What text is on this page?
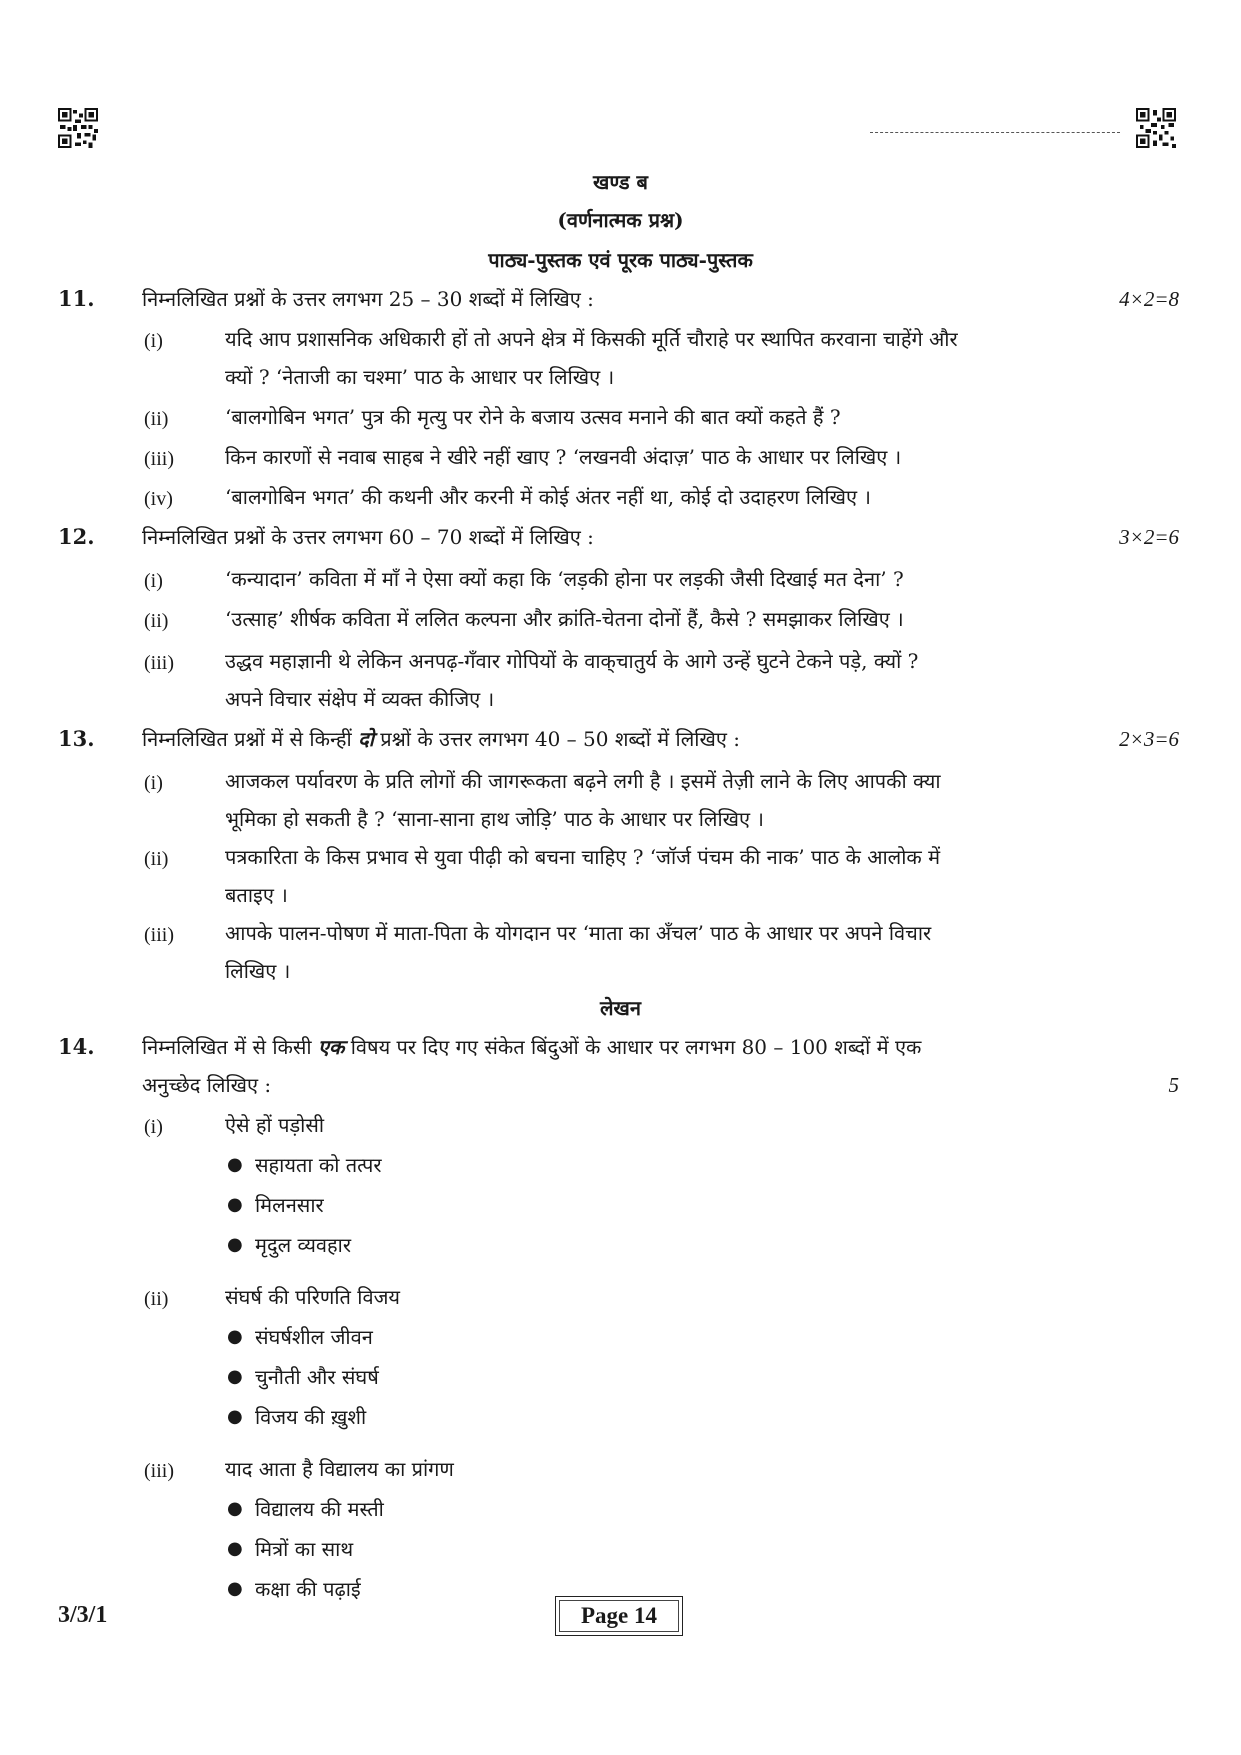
खण्ड ब
(वर्णनात्मक प्रश्न)
पाठ्य-पुस्तक एवं पूरक पाठ्य-पुस्तक
11. निम्नलिखित प्रश्नों के उत्तर लगभग 25 – 30 शब्दों में लिखिए :	4×2=8
(i)	यदि आप प्रशासनिक अधिकारी हों तो अपने क्षेत्र में किसकी मूर्ति चौराहे पर स्थापित करवाना चाहेंगे और
क्यों ? ‘नेताजी का चश्मा’ पाठ के आधार पर लिखिए ।
(ii)	‘बालगोबिन भगत’ पुत्र की मृत्यु पर रोने के बजाय उत्सव मनाने की बात क्यों कहते हैं ?
(iii)	किन कारणों से नवाब साहब ने खीरे नहीं खाए ? ‘लखनवी अंदाज़’ पाठ के आधार पर लिखिए ।
(iv)	‘बालगोबिन भगत’ की कथनी और करनी में कोई अंतर नहीं था, कोई दो उदाहरण लिखिए ।
12. निम्नलिखित प्रश्नों के उत्तर लगभग 60 – 70 शब्दों में लिखिए :	3×2=6
(i)	‘कन्यादान’ कविता में माँ ने ऐसा क्यों कहा कि ‘लड़की होना पर लड़की जैसी दिखाई मत देना’ ?
(ii)	‘उत्साह’ शीर्षक कविता में ललित कल्पना और क्रांति-चेतना दोनों हैं, कैसे ? समझाकर लिखिए ।
(iii)	उद्धव महाज्ञानी थे लेकिन अनपढ़-गँवार गोपियों के वाक्‌चातुर्य के आगे उन्हें घुटने टेकने पड़े, क्यों ?
अपने विचार संक्षेप में व्यक्त कीजिए ।
13. निम्नलिखित प्रश्नों में से किन्हीं दो प्रश्नों के उत्तर लगभग 40 – 50 शब्दों में लिखिए :	2×3=6
(i)	आजकल पर्यावरण के प्रति लोगों की जागरूकता बढ़ने लगी है । इसमें तेज़ी लाने के लिए आपकी क्या
भूमिका हो सकती है ? ‘साना-साना हाथ जोड़ि’ पाठ के आधार पर लिखिए ।
(ii)	पत्रकारिता के किस प्रभाव से युवा पीढ़ी को बचना चाहिए ? ‘जॉर्ज पंचम की नाक’ पाठ के आलोक में
बताइए ।
(iii)	आपके पालन-पोषण में माता-पिता के योगदान पर ‘माता का अँचल’ पाठ के आधार पर अपने विचार
लिखिए ।
लेखन
14. निम्नलिखित में से किसी एक विषय पर दिए गए संकेत बिंदुओं के आधार पर लगभग 80 – 100 शब्दों में एक
अनुच्छेद लिखिए :	5
(i)	ऐसे हों पड़ोसी
● सहायता को तत्पर
● मिलनसार
● मृदुल व्यवहार
(ii)	संघर्ष की परिणति विजय
● संघर्षशील जीवन
● चुनौती और संघर्ष
● विजय की ख़ुशी
(iii)	याद आता है विद्यालय का प्रांगण
● विद्यालय की मस्ती
● मित्रों का साथ
● कक्षा की पढ़ाई
3/3/1	Page 14
